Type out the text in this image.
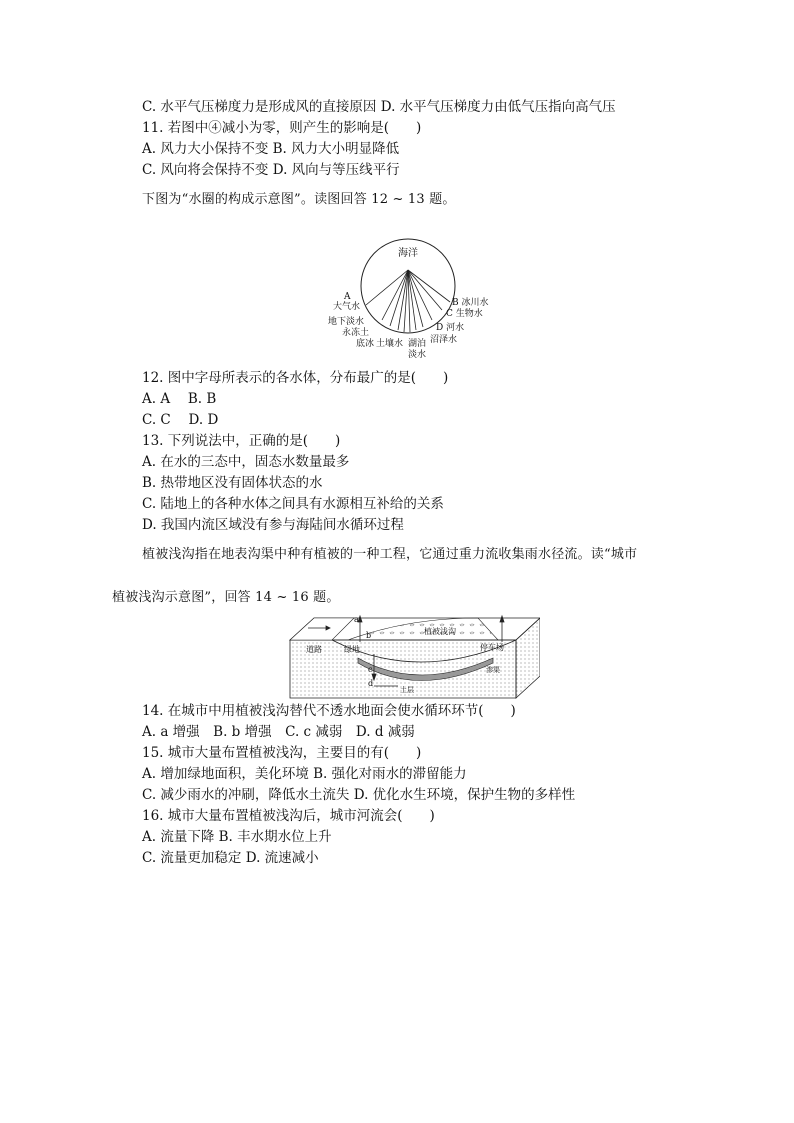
C. 水平气压梯度力是形成风的直接原因 D. 水平气压梯度力由低气压指向高气压
11. 若图中④减小为零，则产生的影响是(　　)
A. 风力大小保持不变 B. 风力大小明显降低
C. 风向将会保持不变 D. 风向与等压线平行
下图为“水圈的构成示意图”。读图回答 12 ~ 13 题。
海洋
A
大气水
地下淡水
永冻土
底冰 土壤水 湖泊
淡水
沼泽水
B 冰川水
C 生物水
D 河水
12. 图中字母所表示的各水体，分布最广的是(　　)
A. A　 B. B
C. C　 D. D
13. 下列说法中，正确的是(　　)
A. 在水的三态中，固态水数量最多
B. 热带地区没有固体状态的水
C. 陆地上的各种水体之间具有水源相互补给的关系
D. 我国内流区域没有参与海陆间水循环过程
植被浅沟指在地表沟渠中种有植被的一种工程，它通过重力流收集雨水径流。读“城市
植被浅沟示意图”，回答 14 ~ 16 题。
道路	绿地
植被浅沟
停车场
a
b
c
d
渗渠
土层
14. 在城市中用植被浅沟替代不透水地面会使水循环环节(　　)
A. a 增强　B. b 增强　C. c 减弱　D. d 减弱
15. 城市大量布置植被浅沟，主要目的有(　　)
A. 增加绿地面积，美化环境 B. 强化对雨水的滞留能力
C. 减少雨水的冲刷，降低水土流失 D. 优化水生环境，保护生物的多样性
16. 城市大量布置植被浅沟后，城市河流会(　　)
A. 流量下降 B. 丰水期水位上升
C. 流量更加稳定 D. 流速减小
